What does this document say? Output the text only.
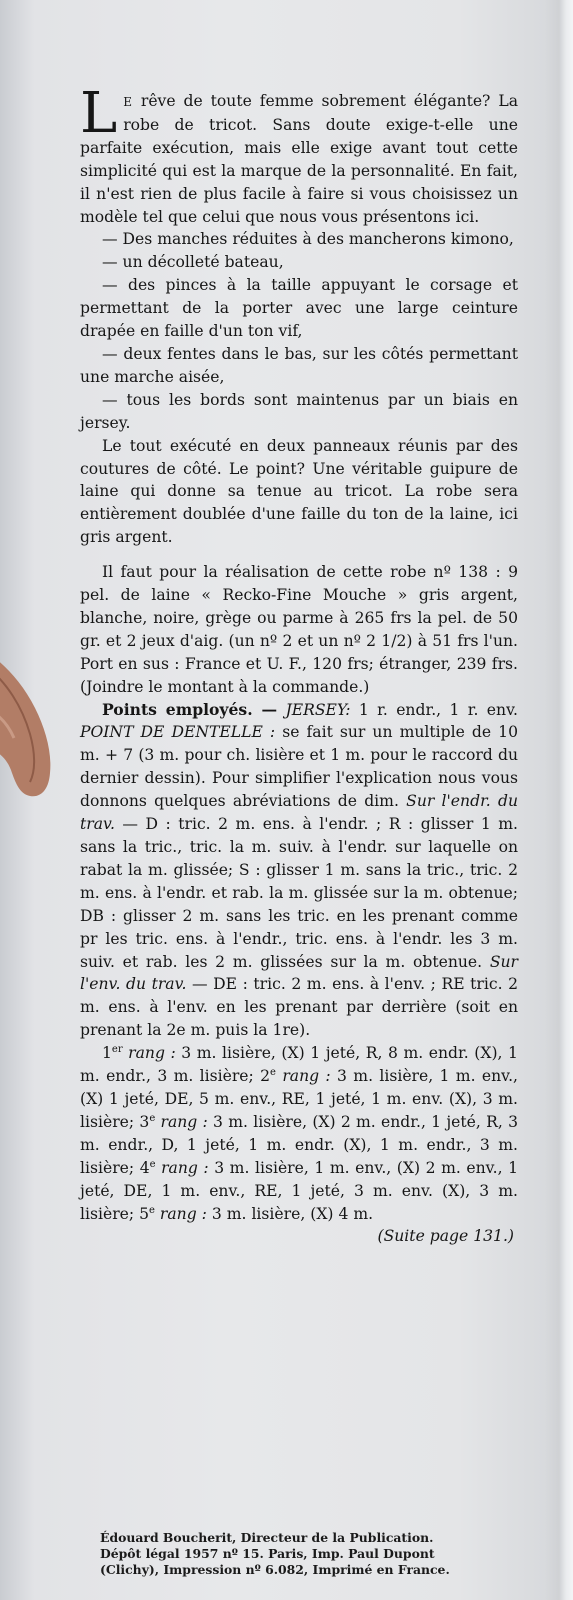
L E rêve de toute femme sobrement élégante? La robe de tricot. Sans doute exige-t-elle une parfaite exécution, mais elle exige avant tout cette simplicité qui est la marque de la personnalité. En fait, il n'est rien de plus facile à faire si vous choisissez un modèle tel que celui que nous vous présentons ici.

— Des manches réduites à des mancherons kimono,

— un décolleté bateau,

— des pinces à la taille appuyant le corsage et permettant de la porter avec une large ceinture drapée en faille d'un ton vif,

— deux fentes dans le bas, sur les côtés permettant une marche aisée,

— tous les bords sont maintenus par un biais en jersey.

Le tout exécuté en deux panneaux réunis par des coutures de côté. Le point? Une véritable guipure de laine qui donne sa tenue au tricot. La robe sera entièrement doublée d'une faille du ton de la laine, ici gris argent.

Il faut pour la réalisation de cette robe nº 138 : 9 pel. de laine « Recko-Fine Mouche » gris argent, blanche, noire, grège ou parme à 265 frs la pel. de 50 gr. et 2 jeux d'aig. (un nº 2 et un nº 2 1/2) à 51 frs l'un. Port en sus : France et U. F., 120 frs; étranger, 239 frs. (Joindre le montant à la commande.)

Points employés. — JERSEY: 1 r. endr., 1 r. env. POINT DE DENTELLE : se fait sur un multiple de 10 m. + 7 (3 m. pour ch. lisière et 1 m. pour le raccord du dernier dessin). Pour simplifier l'explication nous vous donnons quelques abréviations de dim. Sur l'endr. du trav. — D : tric. 2 m. ens. à l'endr. ; R : glisser 1 m. sans la tric., tric. la m. suiv. à l'endr. sur laquelle on rabat la m. glissée; S : glisser 1 m. sans la tric., tric. 2 m. ens. à l'endr. et rab. la m. glissée sur la m. obtenue; DB : glisser 2 m. sans les tric. en les prenant comme pr les tric. ens. à l'endr., tric. ens. à l'endr. les 3 m. suiv. et rab. les 2 m. glissées sur la m. obtenue. Sur l'env. du trav. — DE : tric. 2 m. ens. à l'env. ; RE tric. 2 m. ens. à l'env. en les prenant par derrière (soit en prenant la 2e m. puis la 1re).

1er rang : 3 m. lisière, (X) 1 jeté, R, 8 m. endr. (X), 1 m. endr., 3 m. lisière; 2e rang : 3 m. lisière, 1 m. env., (X) 1 jeté, DE, 5 m. env., RE, 1 jeté, 1 m. env. (X), 3 m. lisière; 3e rang : 3 m. lisière, (X) 2 m. endr., 1 jeté, R, 3 m. endr., D, 1 jeté, 1 m. endr. (X), 1 m. endr., 3 m. lisière; 4e rang : 3 m. lisière, 1 m. env., (X) 2 m. env., 1 jeté, DE, 1 m. env., RE, 1 jeté, 3 m. env. (X), 3 m. lisière; 5e rang : 3 m. lisière, (X) 4 m.

(Suite page 131.)

Édouard Boucherit, Directeur de la Publication.

Dépôt légal 1957 nº 15. Paris, Imp. Paul Dupont

(Clichy), Impression nº 6.082, Imprimé en France.
